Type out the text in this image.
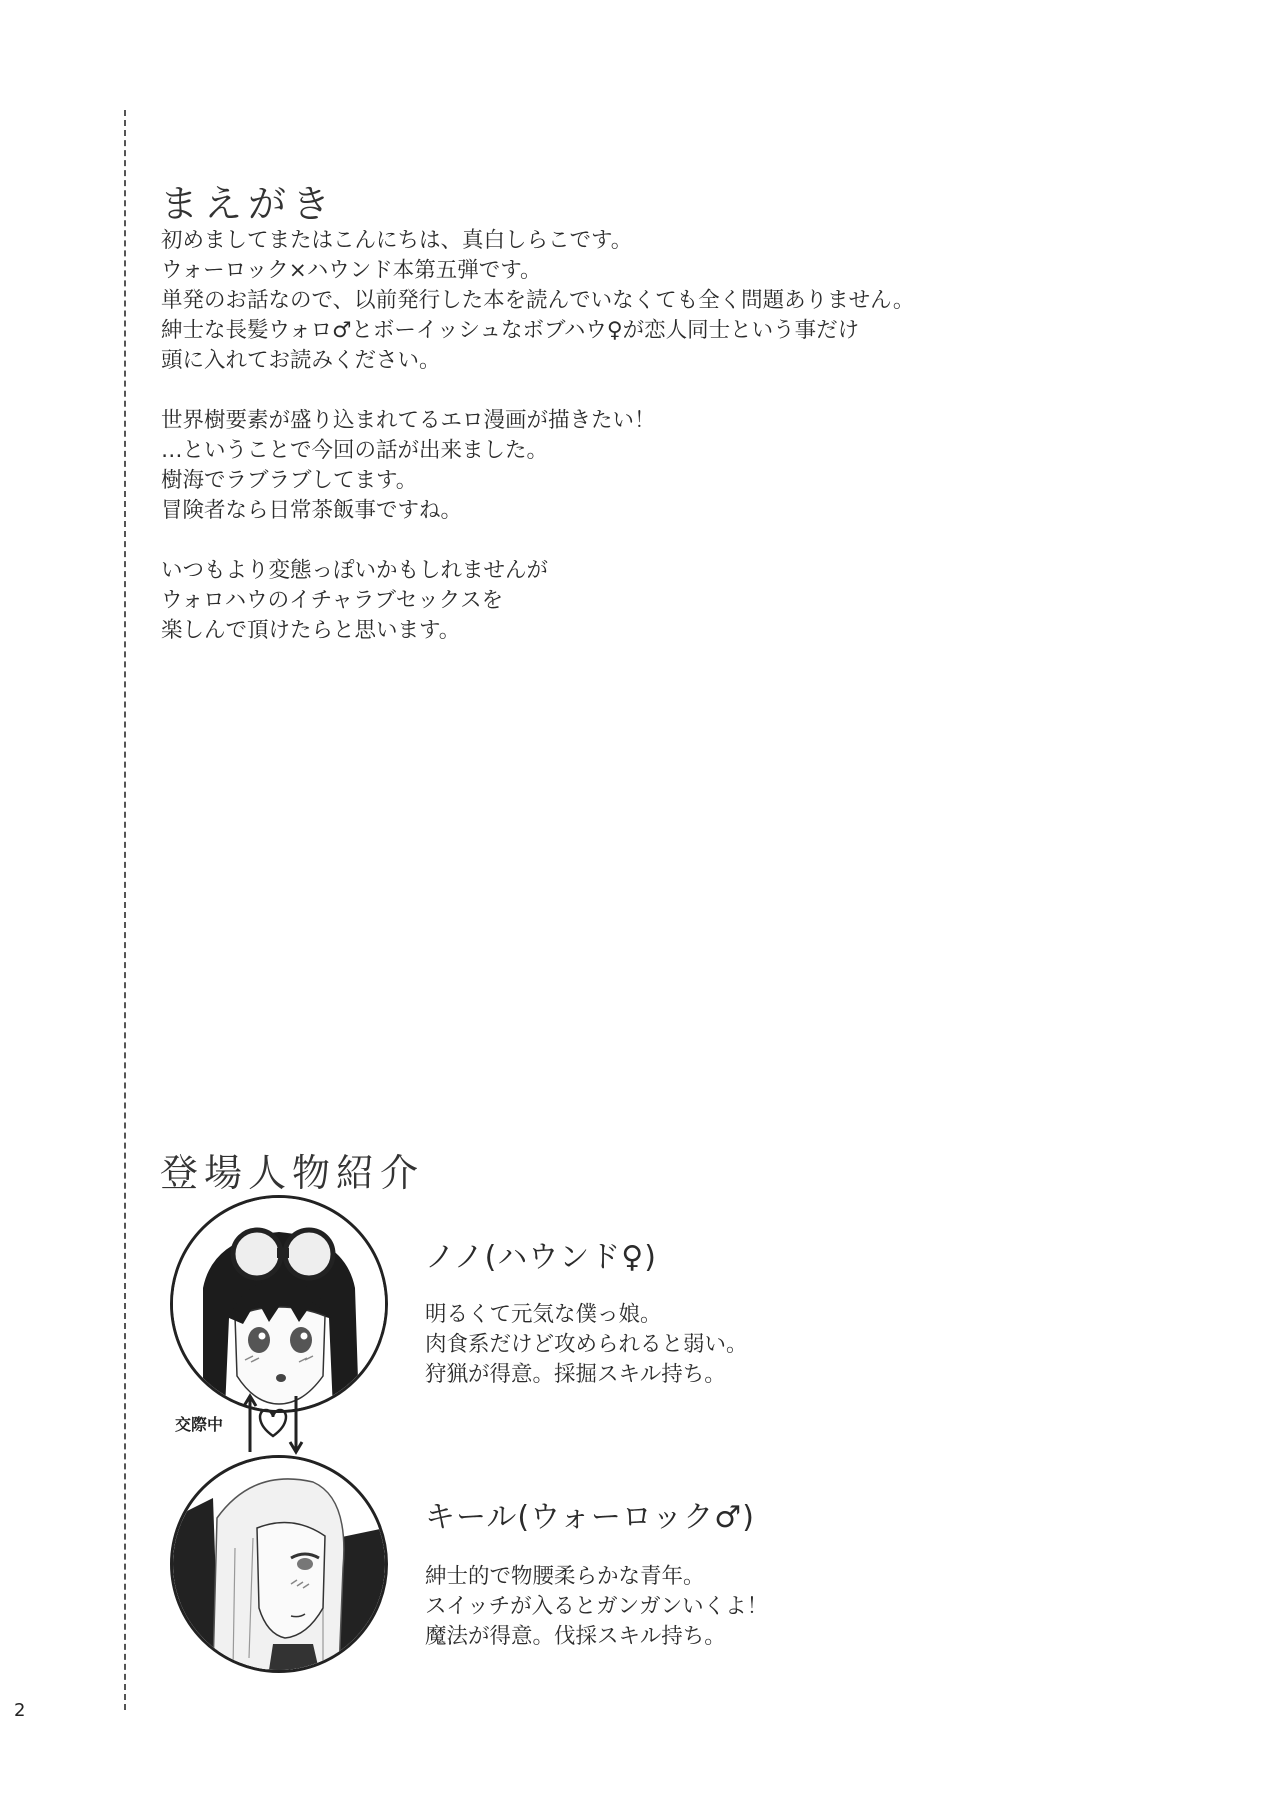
まえがき

初めましてまたはこんにちは、真白しらこです。
ウォーロック×ハウンド本第五弾です。
単発のお話なので、以前発行した本を読んでいなくても全く問題ありません。
紳士な長髪ウォロ♂とボーイッシュなボブハウ♀が恋人同士という事だけ
頭に入れてお読みください。

世界樹要素が盛り込まれてるエロ漫画が描きたい！
…ということで今回の話が出来ました。
樹海でラブラブしてます。
冒険者なら日常茶飯事ですね。

いつもより変態っぽいかもしれませんが
ウォロハウのイチャラブセックスを
楽しんで頂けたらと思います。

登場人物紹介
ノノ(ハウンド♀)
明るくて元気な僕っ娘。
肉食系だけど攻められると弱い。
狩猟が得意。採掘スキル持ち。
交際中
キール(ウォーロック♂)
紳士的で物腰柔らかな青年。
スイッチが入るとガンガンいくよ！
魔法が得意。伐採スキル持ち。
2
